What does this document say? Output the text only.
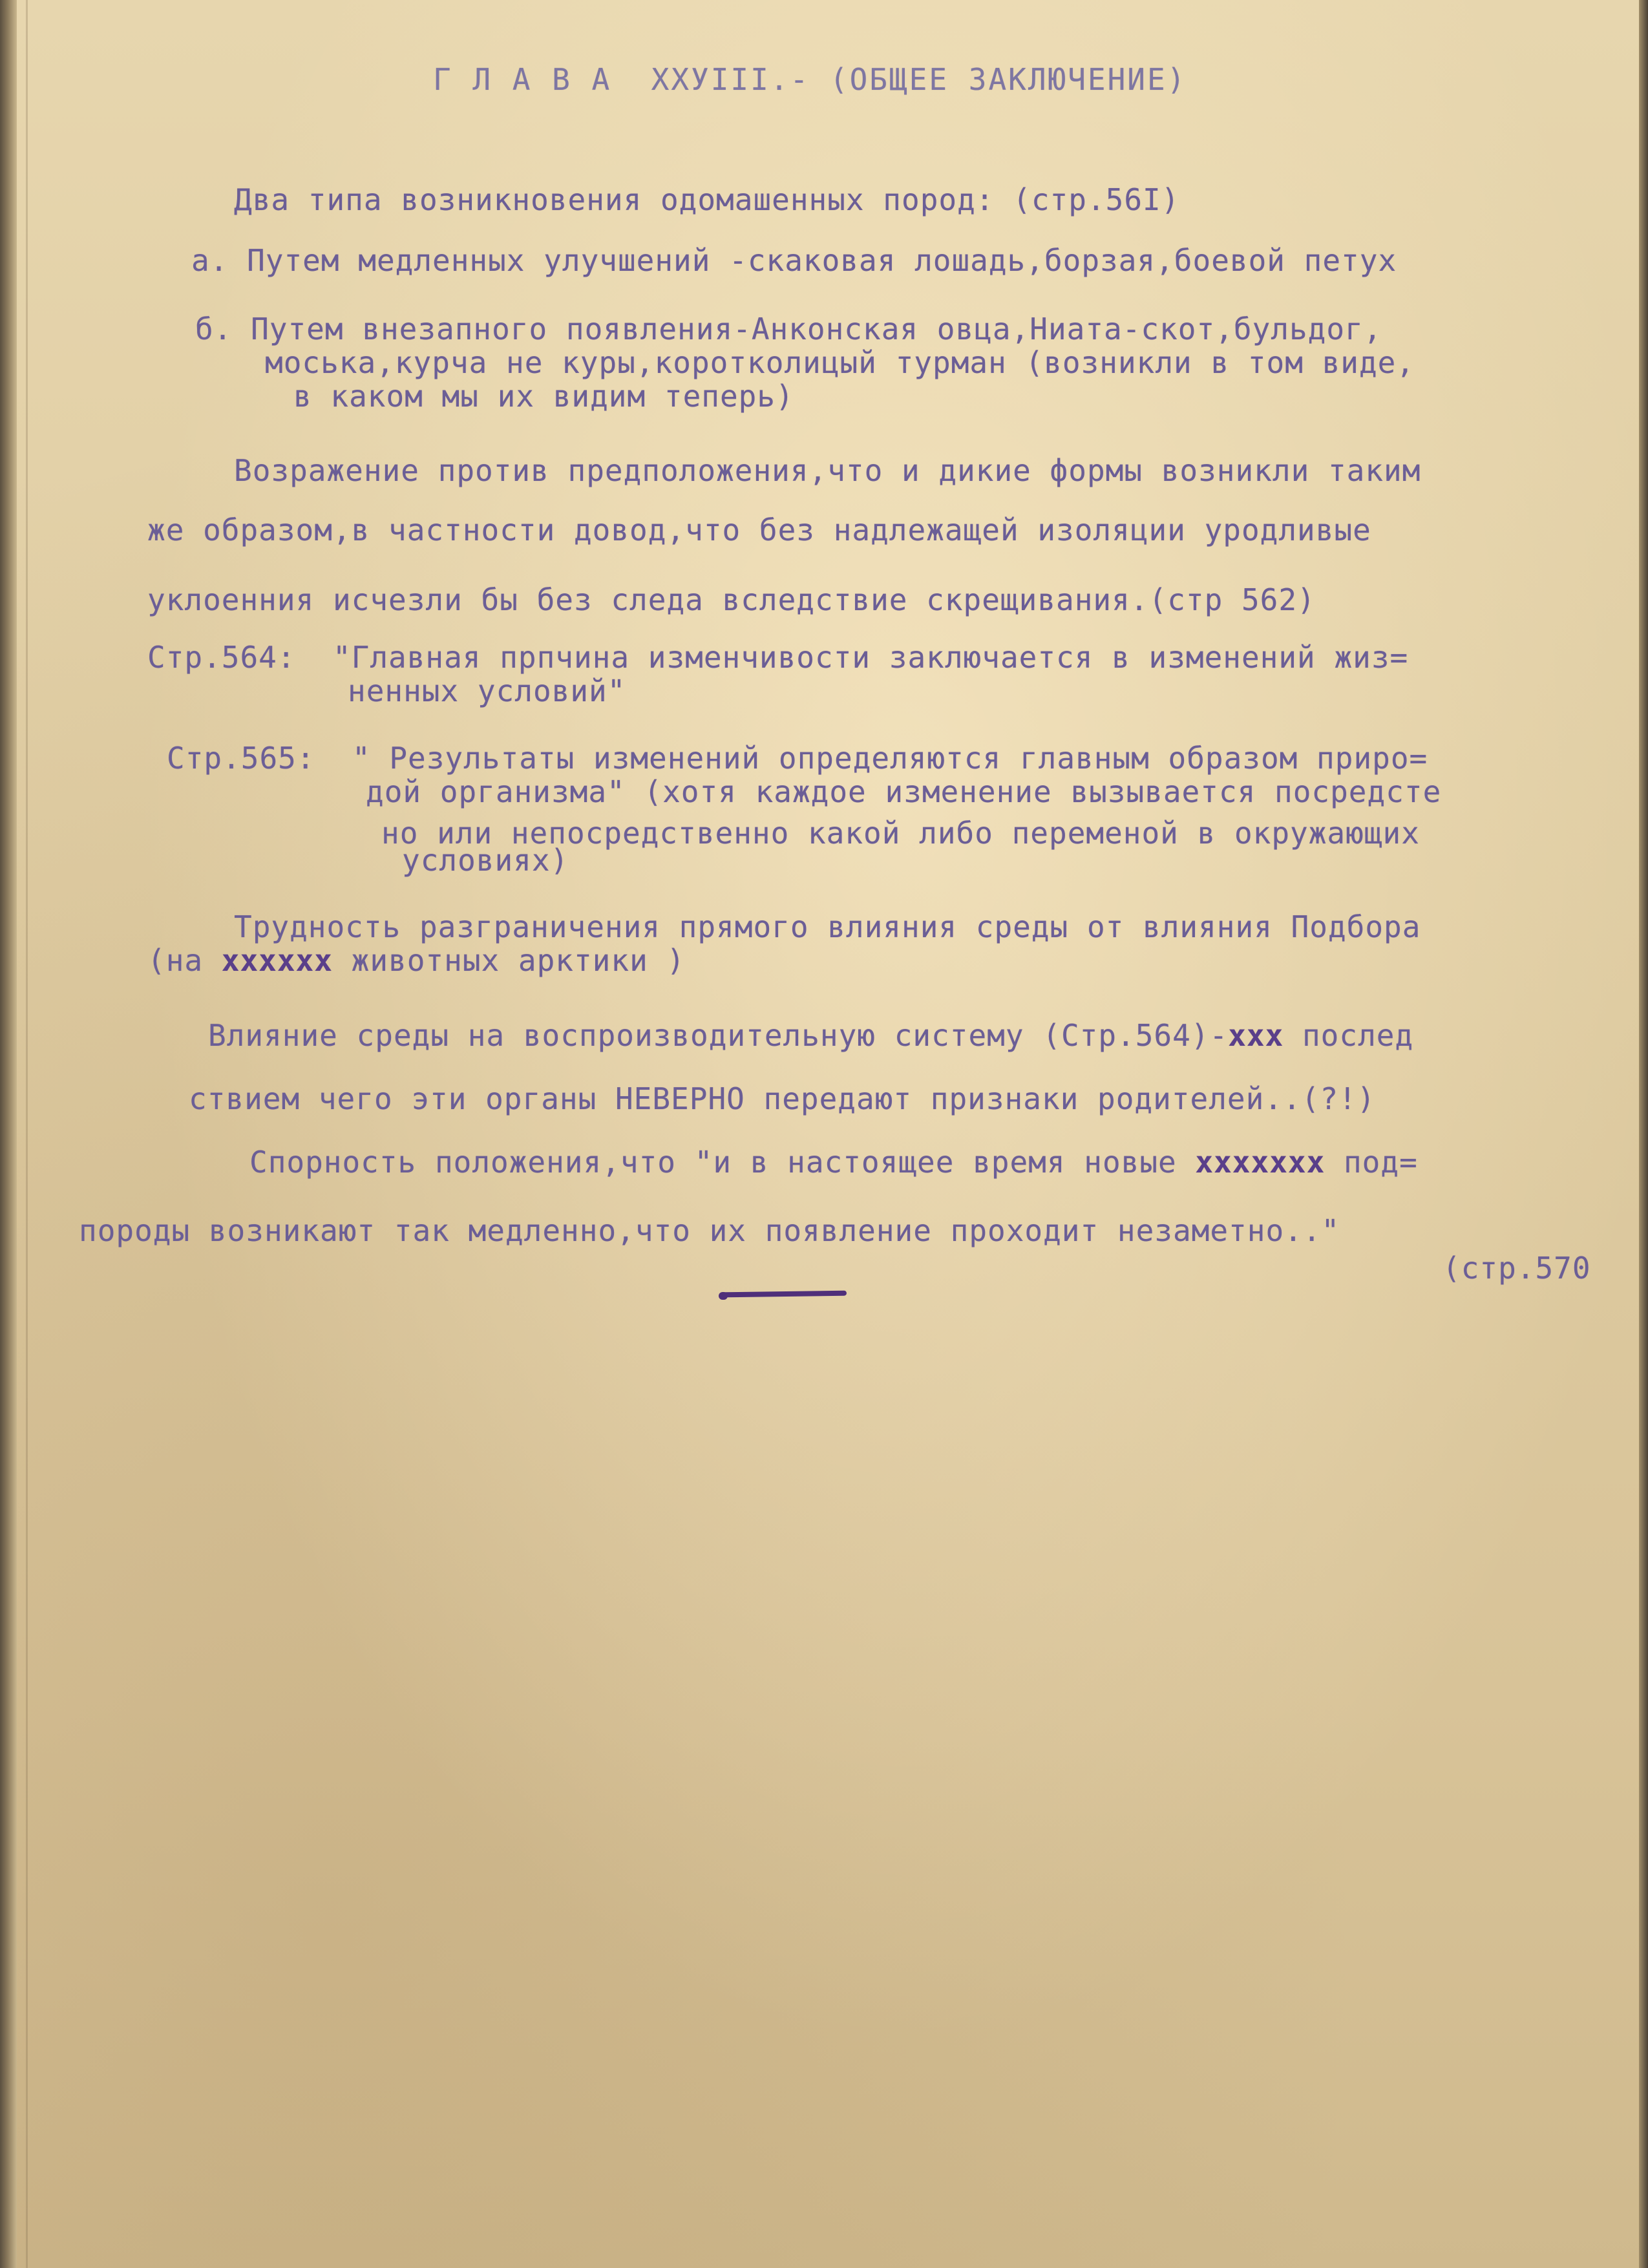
Г Л А В А  ХХУIII.- (ОБЩЕЕ ЗАКЛЮЧЕНИЕ)
Два типа возникновения одомашенных пород: (стр.56I)
а. Путем медленных улучшений -скаковая лошадь,борзая,боевой петух
б. Путем внезапного появления-Анконская овца,Ниата-скот,бульдог,
моська,курча не куры,коротколицый турман (возникли в том виде,
в каком мы их видим теперь)
Возражение против предположения,что и дикие формы возникли таким
же образом,в частности довод,что без надлежащей изоляции уродливые
уклоенния исчезли бы без следа вследствие скрещивания.(стр 562)
Стр.564:  "Главная прпчина изменчивости заключается в изменений жиз=
ненных условий"
Стр.565:  " Результаты изменений определяются главным образом приро=
дой организма" (хотя каждое изменение вызывается посредсте
но или непосредственно какой либо переменой в окружающих
условиях)
Трудность разграничения прямого влияния среды от влияния Подбора
(на хххххх животных арктики )
Влияние среды на воспроизводительную систему (Стр.564)-ххх послед
ствием чего эти органы НЕВЕРНО передают признаки родителей..(?!)
Спорность положения,что "и в настоящее время новые ххххххх под=
породы возникают так медленно,что их появление проходит незаметно.."
(стр.570
